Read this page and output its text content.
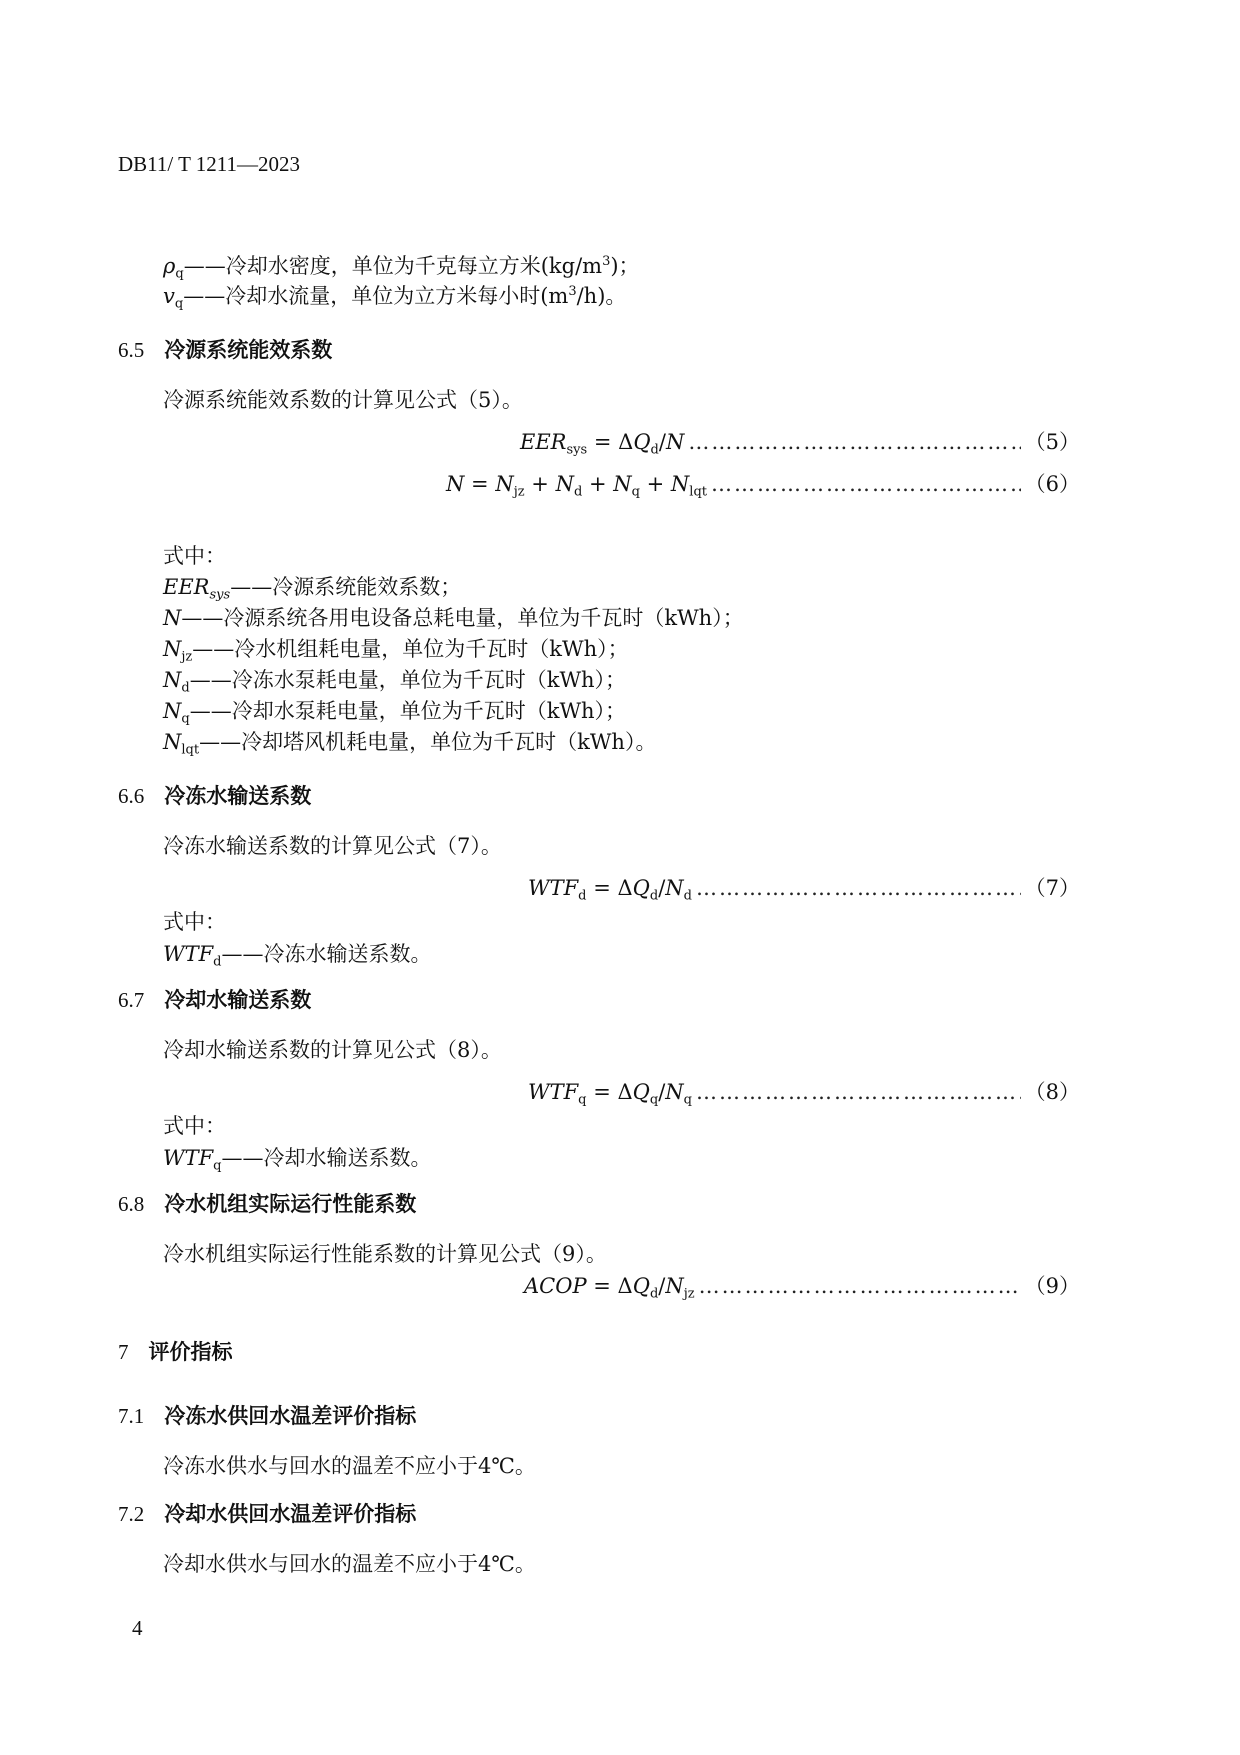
DB11/ T 1211—2023
$\rho_q——$冷却水密度，单位为千克每立方米$(kg/m^3)$；
$v_q——$冷却水流量，单位为立方米每小时$(m^3/h)$。
6.5 冷源系统能效系数
冷源系统能效系数的计算见公式（5）。
$EER_{sys} = \Delta Q_d/N$ …………………………………………………………………………………………………………………………………………………………	（5）
$N = N_{jz} + N_d + N_q + N_{lqt}$ …………………………………………………………………………………………………………………………………………………………	（6）
式中：
$EER_{sys}——$冷源系统能效系数；
N——冷源系统各用电设备总耗电量，单位为千瓦时（kWh）；
$N_{jz}——$冷水机组耗电量，单位为千瓦时（kWh）；
$N_d——$冷冻水泵耗电量，单位为千瓦时（kWh）；
$N_q——$冷却水泵耗电量，单位为千瓦时（kWh）；
$N_{lqt}——$冷却塔风机耗电量，单位为千瓦时（kWh）。
6.6 冷冻水输送系数
冷冻水输送系数的计算见公式（7）。
$WTF_d = \Delta Q_d/N_d$ …………………………………………………………………………………………………………………………………………………………	（7）
式中：
$WTF_d——$冷冻水输送系数。
6.7 冷却水输送系数
冷却水输送系数的计算见公式（8）。
$WTF_q = \Delta Q_q/N_q$ …………………………………………………………………………………………………………………………………………………………	（8）
式中：
$WTF_q——$冷却水输送系数。
6.8 冷水机组实际运行性能系数
冷水机组实际运行性能系数的计算见公式（9）。
ACOP = $\Delta Q_d/N_{jz}$ …………………………………………………………………………………………………………………………………………………………	（9）
7 评价指标
7.1 冷冻水供回水温差评价指标
冷冻水供水与回水的温差不应小于4℃。
7.2 冷却水供回水温差评价指标
冷却水供水与回水的温差不应小于4℃。
4
